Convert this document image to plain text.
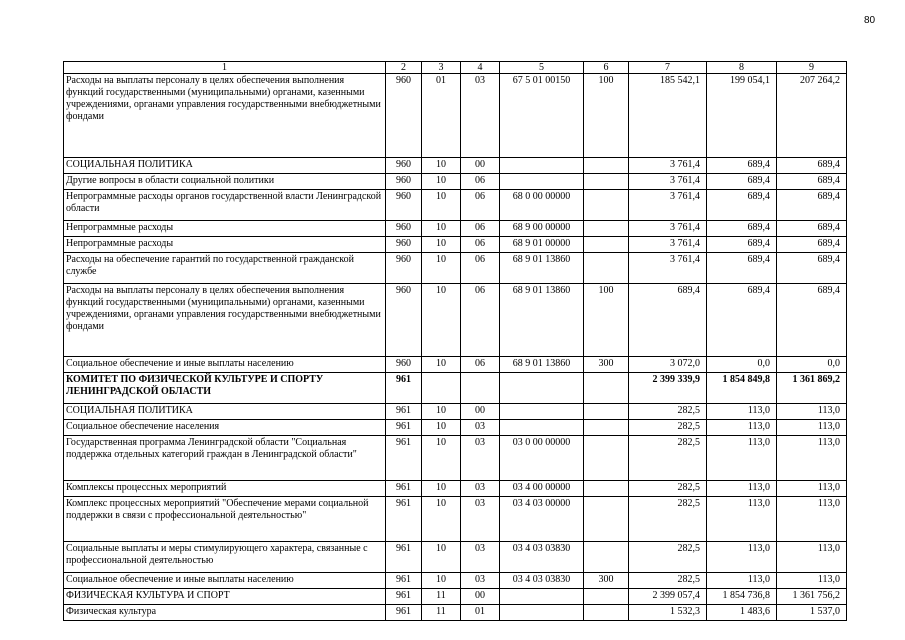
80
1	2	3	4	5	6	7	8	9
Расходы на выплаты персоналу в целях обеспечения выполнения функций государственными (муниципальными) органами, казенными учреждениями, органами управления государственными внебюджетными фондами	960	01	03	67 5 01 00150	100	185 542,1	199 054,1	207 264,2
СОЦИАЛЬНАЯ ПОЛИТИКА	960	10	00			3 761,4	689,4	689,4
Другие вопросы в области социальной политики	960	10	06			3 761,4	689,4	689,4
Непрограммные расходы органов государственной власти Ленинградской области	960	10	06	68 0 00 00000		3 761,4	689,4	689,4
Непрограммные расходы	960	10	06	68 9 00 00000		3 761,4	689,4	689,4
Непрограммные расходы	960	10	06	68 9 01 00000		3 761,4	689,4	689,4
Расходы на обеспечение гарантий по государственной гражданской службе	960	10	06	68 9 01 13860		3 761,4	689,4	689,4
Расходы на выплаты персоналу в целях обеспечения выполнения функций государственными (муниципальными) органами, казенными учреждениями, органами управления государственными внебюджетными фондами	960	10	06	68 9 01 13860	100	689,4	689,4	689,4
Социальное обеспечение и иные выплаты населению	960	10	06	68 9 01 13860	300	3 072,0	0,0	0,0
КОМИТЕТ ПО ФИЗИЧЕСКОЙ КУЛЬТУРЕ И СПОРТУ ЛЕНИНГРАДСКОЙ ОБЛАСТИ	961					2 399 339,9	1 854 849,8	1 361 869,2
СОЦИАЛЬНАЯ ПОЛИТИКА	961	10	00			282,5	113,0	113,0
Социальное обеспечение населения	961	10	03			282,5	113,0	113,0
Государственная программа Ленинградской области "Социальная поддержка отдельных категорий граждан в Ленинградской области"	961	10	03	03 0 00 00000		282,5	113,0	113,0
Комплексы процессных мероприятий	961	10	03	03 4 00 00000		282,5	113,0	113,0
Комплекс процессных мероприятий "Обеспечение мерами социальной поддержки в связи с профессиональной деятельностью"	961	10	03	03 4 03 00000		282,5	113,0	113,0
Социальные выплаты и меры стимулирующего характера, связанные с профессиональной деятельностью	961	10	03	03 4 03 03830		282,5	113,0	113,0
Социальное обеспечение и иные выплаты населению	961	10	03	03 4 03 03830	300	282,5	113,0	113,0
ФИЗИЧЕСКАЯ КУЛЬТУРА И СПОРТ	961	11	00			2 399 057,4	1 854 736,8	1 361 756,2
Физическая культура	961	11	01			1 532,3	1 483,6	1 537,0
